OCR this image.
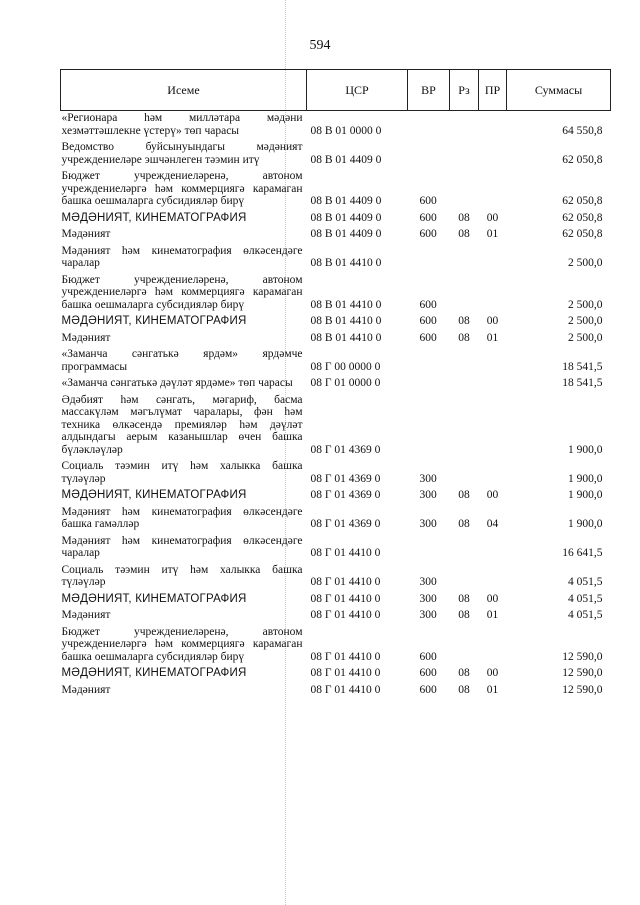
594
Исеме	ЦСР	ВР	Рз	ПР	Суммасы
«Регионара һәм милләтара мәдәни хезмәттәшлекне үстерү» төп чарасы	08 В 01 0000 0				64 550,8
Ведомство буйсынуындагы мәдәният учреждениеләре эшчәнлеген тәэмин итү	08 В 01 4409 0				62 050,8
Бюджет учреждениеләренә, автоном учреждениеләргә һәм коммерциягә карамаган башка оешмаларга субсидияләр бирү	08 В 01 4409 0	600			62 050,8
МӘДӘНИЯТ, КИНЕМАТОГРАФИЯ	08 В 01 4409 0	600	08	00	62 050,8
Мәдәният	08 В 01 4409 0	600	08	01	62 050,8
Мәдәният һәм кинематография өлкәсендәге чаралар	08 В 01 4410 0				2 500,0
Бюджет учреждениеләренә, автоном учреждениеләргә һәм коммерциягә карамаган башка оешмаларга субсидияләр бирү	08 В 01 4410 0	600			2 500,0
МӘДӘНИЯТ, КИНЕМАТОГРАФИЯ	08 В 01 4410 0	600	08	00	2 500,0
Мәдәният	08 В 01 4410 0	600	08	01	2 500,0
«Заманча сәнгатькә ярдәм» ярдәмче программасы	08 Г 00 0000 0				18 541,5
«Заманча сәнгатькә дәүләт ярдәме» төп чарасы	08 Г 01 0000 0				18 541,5
Әдәбият һәм сәнгать, мәгариф, басма массакүләм мәгълүмат чаралары, фән һәм техника өлкәсендә премияләр һәм дәүләт алдындагы аерым казанышлар өчен башка бүләкләүләр	08 Г 01 4369 0				1 900,0
Социаль тәэмин итү һәм халыкка башка түләүләр	08 Г 01 4369 0	300			1 900,0
МӘДӘНИЯТ, КИНЕМАТОГРАФИЯ	08 Г 01 4369 0	300	08	00	1 900,0
Мәдәният һәм кинематография өлкәсендәге башка гамәлләр	08 Г 01 4369 0	300	08	04	1 900,0
Мәдәният һәм кинематография өлкәсендәге чаралар	08 Г 01 4410 0				16 641,5
Социаль тәэмин итү һәм халыкка башка түләүләр	08 Г 01 4410 0	300			4 051,5
МӘДӘНИЯТ, КИНЕМАТОГРАФИЯ	08 Г 01 4410 0	300	08	00	4 051,5
Мәдәният	08 Г 01 4410 0	300	08	01	4 051,5
Бюджет учреждениеләренә, автоном учреждениеләргә һәм коммерциягә карамаган башка оешмаларга субсидияләр бирү	08 Г 01 4410 0	600			12 590,0
МӘДӘНИЯТ, КИНЕМАТОГРАФИЯ	08 Г 01 4410 0	600	08	00	12 590,0
Мәдәният	08 Г 01 4410 0	600	08	01	12 590,0
